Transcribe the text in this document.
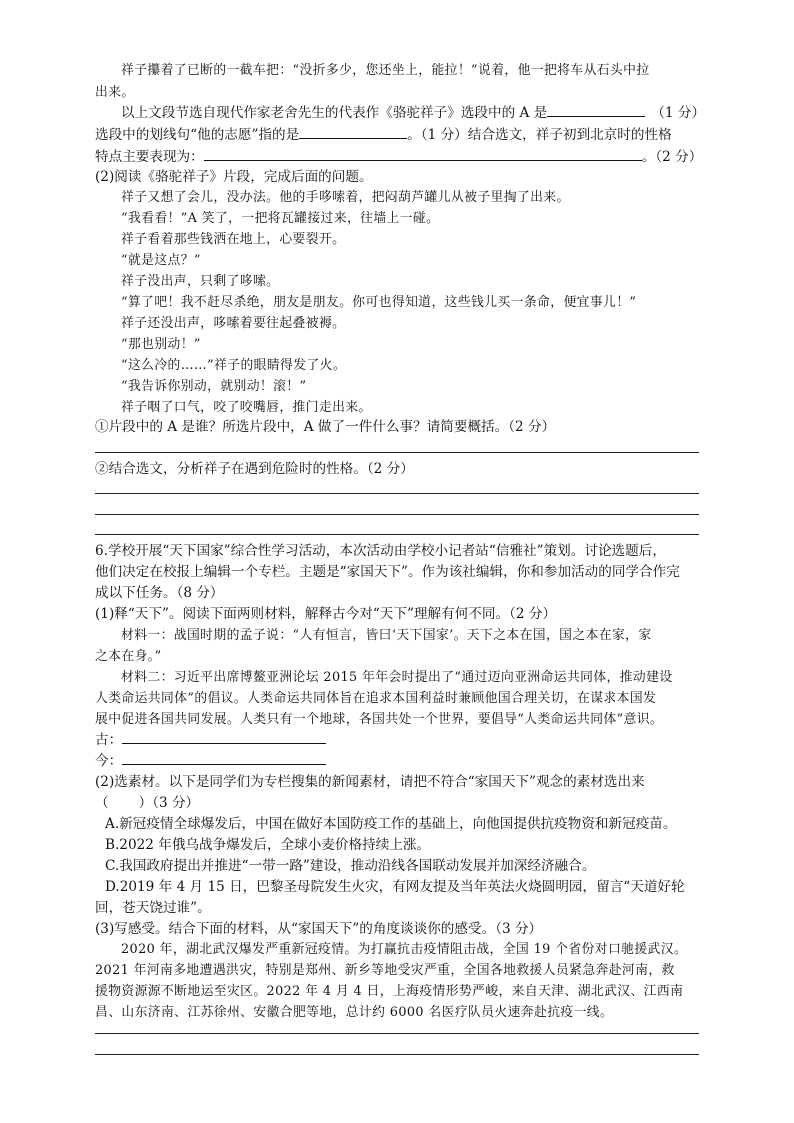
祥子攥着了已断的一截车把：“没折多少，您还坐上，能拉！”说着，他一把将车从石头中拉
出来。
以上文段节选自现代作家老舍先生的代表作《骆驼祥子》选段中的 A 是	（1 分）
选段中的划线句“他的志愿”指的是	。（1 分）结合选文，祥子初到北京时的性格
特点主要表现为：	。（2 分）
(2)阅读《骆驼祥子》片段，完成后面的问题。
祥子又想了会儿，没办法。他的手哆嗦着，把闷葫芦罐儿从被子里掏了出来。
“我看看！”A 笑了，一把将瓦罐接过来，往墙上一碰。
祥子看着那些钱洒在地上，心要裂开。
“就是这点？”
祥子没出声，只剩了哆嗦。
“算了吧！我不赶尽杀绝，朋友是朋友。你可也得知道，这些钱儿买一条命，便宜事儿！”
祥子还没出声，哆嗦着要往起叠被褥。
“那也别动！”
“这么冷的……”祥子的眼睛得发了火。
“我告诉你别动，就别动！滚！”
祥子咽了口气，咬了咬嘴唇，推门走出来。
①片段中的 A 是谁？所选片段中，A 做了一件什么事？请简要概括。（2 分）
②结合选文，分析祥子在遇到危险时的性格。（2 分）
6.学校开展“天下国家”综合性学习活动，本次活动由学校小记者站“信雅社”策划。讨论选题后，
他们决定在校报上编辑一个专栏。主题是“家国天下”。作为该社编辑，你和参加活动的同学合作完
成以下任务。（8 分）
(1)释“天下”。阅读下面两则材料，解释古今对“天下”理解有何不同。（2 分）
材料一：战国时期的孟子说：“人有恒言，皆曰‘天下国家’。天下之本在国，国之本在家，家
之本在身。”
材料二：习近平出席博鳌亚洲论坛 2015 年年会时提出了“通过迈向亚洲命运共同体，推动建设
人类命运共同体”的倡议。人类命运共同体旨在追求本国利益时兼顾他国合理关切，在谋求本国发
展中促进各国共同发展。人类只有一个地球，各国共处一个世界，要倡导“人类命运共同体”意识。
古：
今：
(2)选素材。以下是同学们为专栏搜集的新闻素材，请把不符合“家国天下”观念的素材选出来
（ ）（3 分）
A.新冠疫情全球爆发后，中国在做好本国防疫工作的基础上，向他国提供抗疫物资和新冠疫苗。
B.2022 年俄乌战争爆发后，全球小麦价格持续上涨。
C.我国政府提出并推进“一带一路”建设，推动沿线各国联动发展并加深经济融合。
D.2019 年 4 月 15 日，巴黎圣母院发生火灾，有网友提及当年英法火烧圆明园，留言“天道好轮
回，苍天饶过谁”。
(3)写感受。结合下面的材料，从“家国天下”的角度谈谈你的感受。（3 分）
2020 年，湖北武汉爆发严重新冠疫情。为打赢抗击疫情阻击战，全国 19 个省份对口驰援武汉。
2021 年河南多地遭遇洪灾，特别是郑州、新乡等地受灾严重，全国各地救援人员紧急奔赴河南，救
援物资源源不断地运至灾区。2022 年 4 月 4 日，上海疫情形势严峻，来自天津、湖北武汉、江西南
昌、山东济南、江苏徐州、安徽合肥等地，总计约 6000 名医疗队员火速奔赴抗疫一线。
